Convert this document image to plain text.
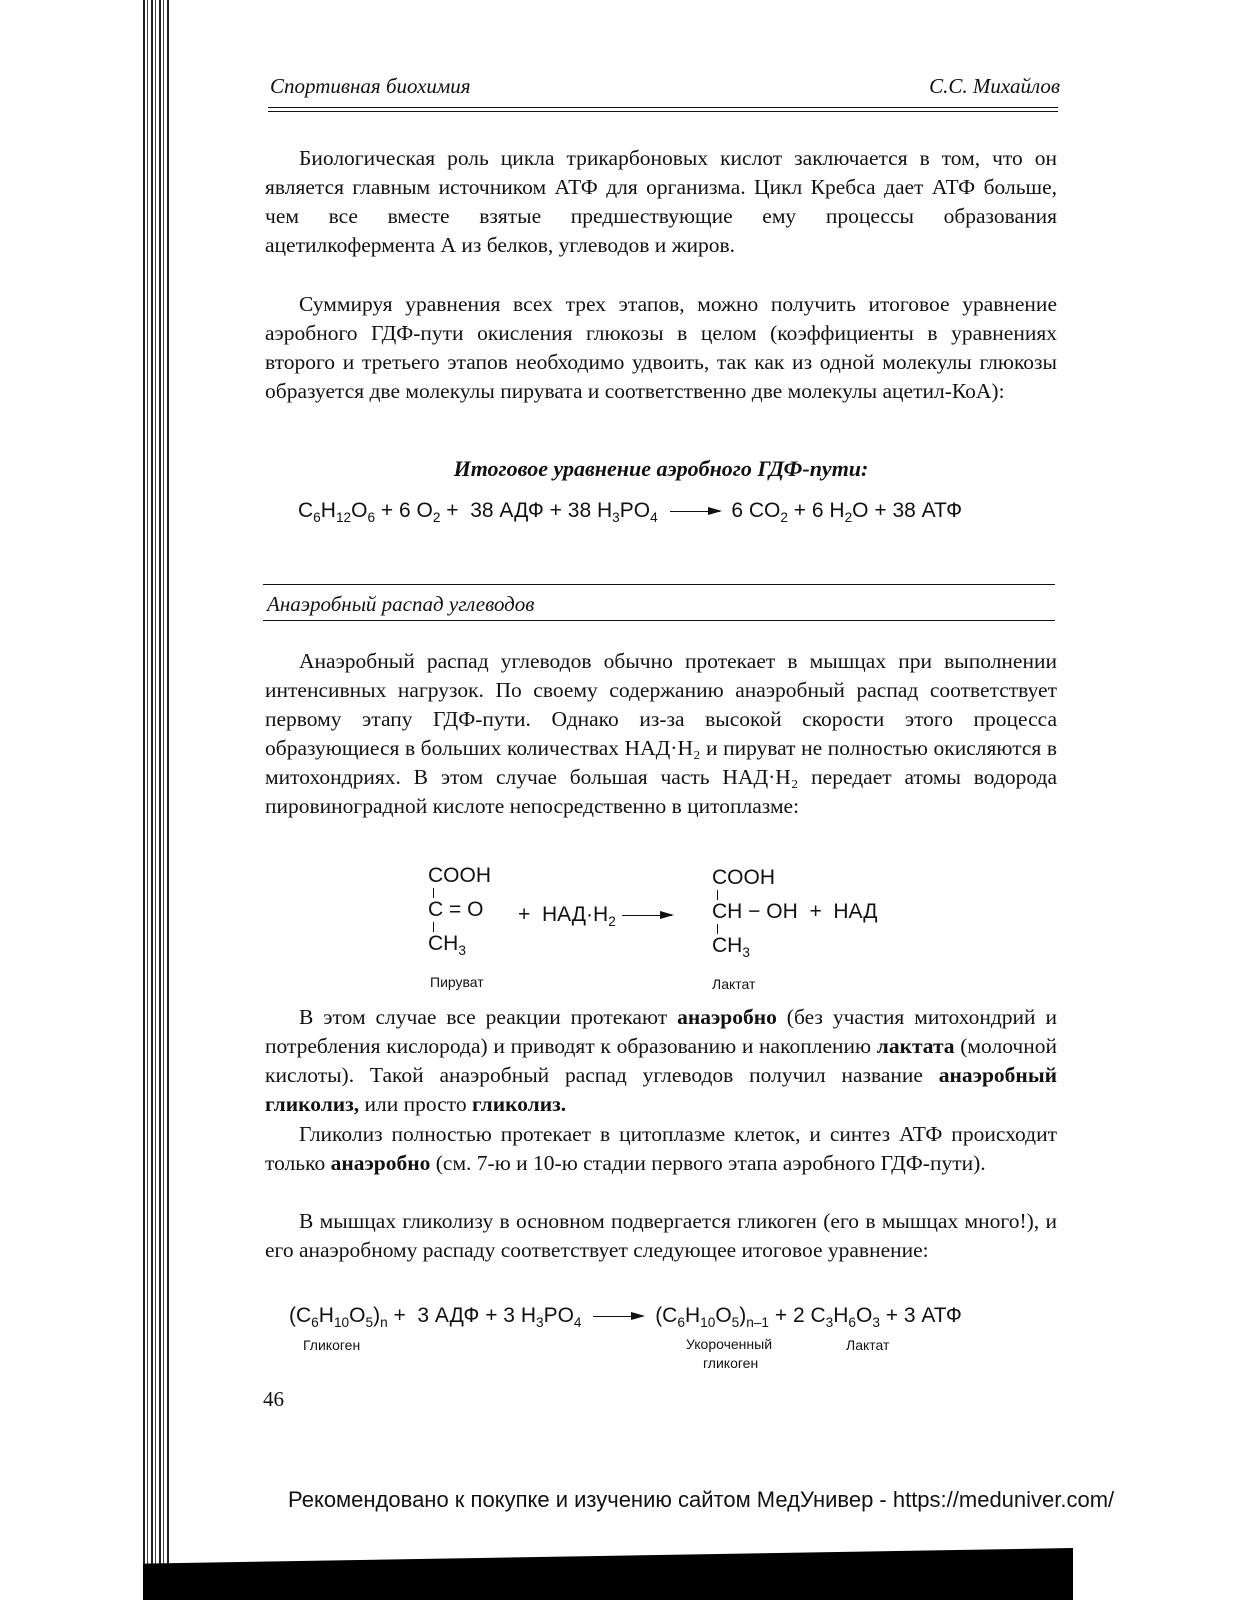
Спортивная биохимия	С.С. Михайлов
Биологическая роль цикла трикарбоновых кислот заключается в том, что он является главным источником АТФ для организма. Цикл Кребса дает АТФ больше, чем все вместе взятые предшествующие ему процессы образования ацетилкофермента А из белков, углеводов и жиров.
Суммируя уравнения всех трех этапов, можно получить итоговое уравнение аэробного ГДФ-пути окисления глюкозы в целом (коэффициенты в уравнениях второго и третьего этапов необходимо удвоить, так как из одной молекулы глюкозы образуется две молекулы пирувата и соответственно две молекулы ацетил-КоА):
Итоговое уравнение аэробного ГДФ-пути:
$C_6H_{12}O_6 + 6$ $O_2 + 38$ АДФ + 38 $H_3PO_4$	6 $CO_2 + 6$ $H_2O + 38$ АТФ
Анаэробный распад углеводов
Анаэробный распад углеводов обычно протекает в мышцах при выполнении интенсивных нагрузок. По своему содержанию анаэробный распад соответствует первому этапу ГДФ-пути. Однако из-за высокой скорости этого процесса образующиеся в больших количествах НАД·Н₂ и пируват не полностью окисляются в митохондриях. В этом случае большая часть НАД·Н₂ передает атомы водорода пировиноградной кислоте непосредственно в цитоплазме:
COOH
C = O
$CH_3$
+ $НАД\cdot Н_2$
COOH
CH − OH + НАД
$CH_3$
Пируват	Лактат
В этом случае все реакции протекают анаэробно (без участия митохондрий и потребления кислорода) и приводят к образованию и накоплению лактата (молочной кислоты). Такой анаэробный распад углеводов получил название анаэробный гликолиз, или просто гликолиз.
Гликолиз полностью протекает в цитоплазме клеток, и синтез АТФ происходит только анаэробно (см. 7-ю и 10-ю стадии первого этапа аэробного ГДФ-пути).
В мышцах гликолизу в основном подвергается гликоген (его в мышцах много!), и его анаэробному распаду соответствует следующее итоговое уравнение:
$(C_6H_{10}O_5)_n + 3$ АДФ + 3 $H_3PO_4$	$(C_6H_{10}O_5)_{n-1} + 2$ $C_3H_6O_3 + 3$ АТФ
Гликоген	Укороченный
гликоген
Лактат
46
Рекомендовано к покупке и изучению сайтом МедУнивер - https://meduniver.com/
